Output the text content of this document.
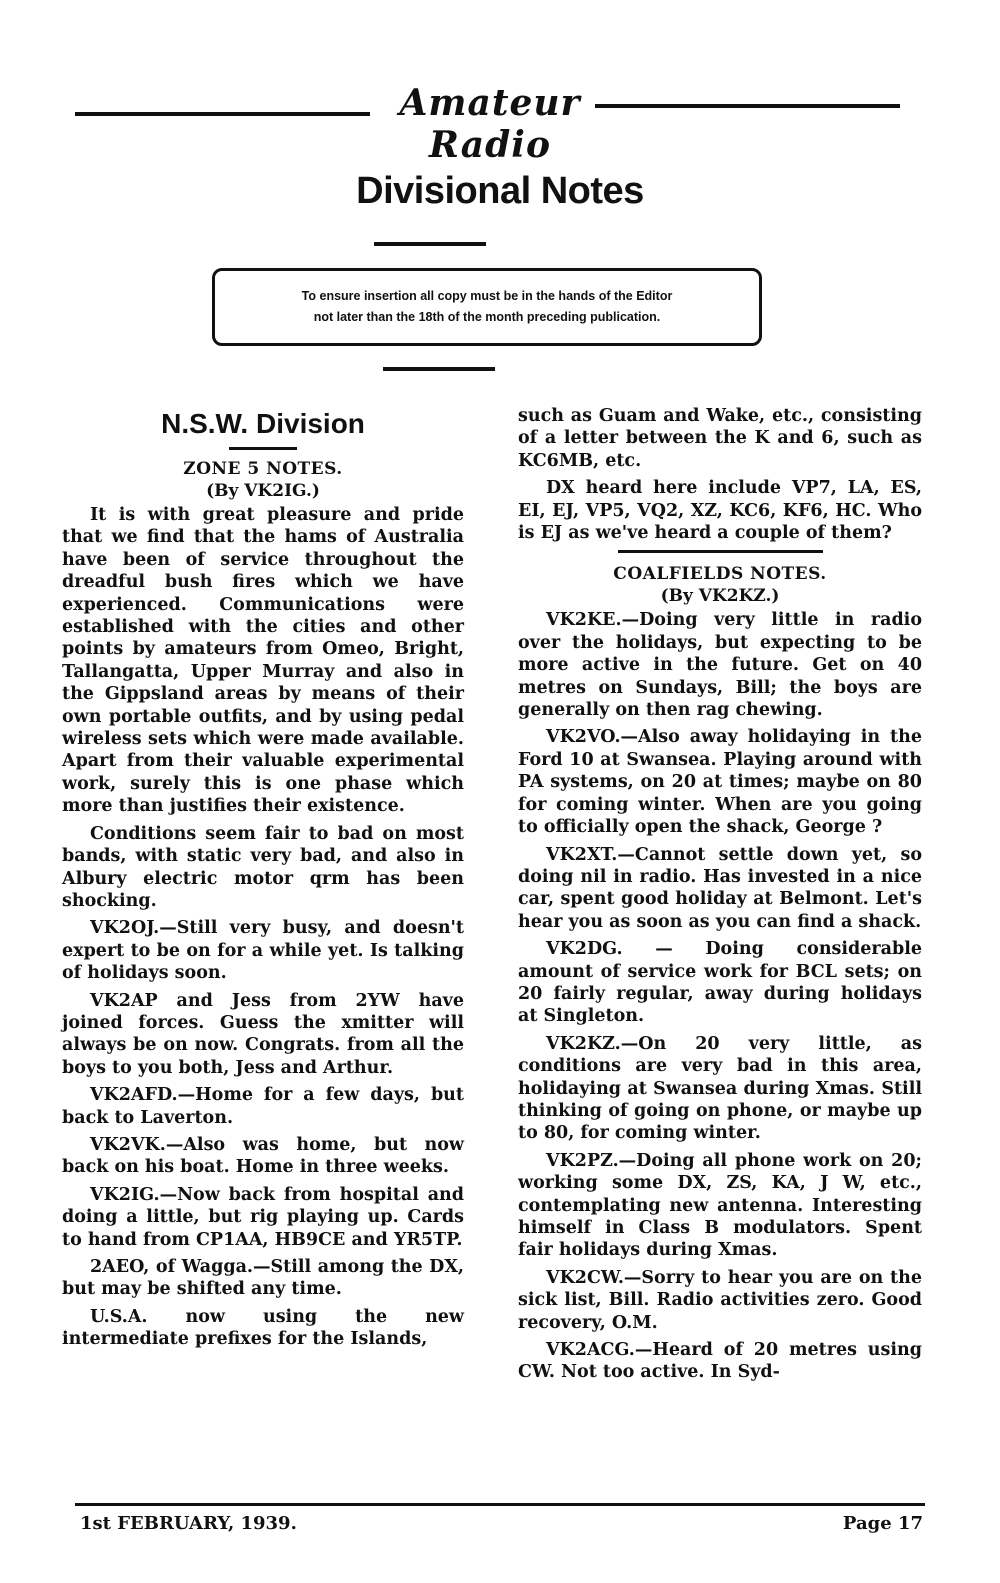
Amateur Radio
Divisional Notes
To ensure insertion all copy must be in the hands of the Editor
not later than the 18th of the month preceding publication.
N.S.W. Division
ZONE 5 NOTES.
(By VK2IG.)

It is with great pleasure and pride that we find that the hams of Australia have been of service throughout the dreadful bush fires which we have experienced. Communications were established with the cities and other points by amateurs from Omeo, Bright, Tallangatta, Upper Murray and also in the Gippsland areas by means of their own portable outfits, and by using pedal wireless sets which were made available. Apart from their valuable experimental work, surely this is one phase which more than justifies their existence.

Conditions seem fair to bad on most bands, with static very bad, and also in Albury electric motor qrm has been shocking.

VK2OJ.—Still very busy, and doesn't expert to be on for a while yet. Is talking of holidays soon.

VK2AP and Jess from 2YW have joined forces. Guess the xmitter will always be on now. Congrats. from all the boys to you both, Jess and Arthur.

VK2AFD.—Home for a few days, but back to Laverton.

VK2VK.—Also was home, but now back on his boat. Home in three weeks.

VK2IG.—Now back from hospital and doing a little, but rig playing up. Cards to hand from CP1AA, HB9CE and YR5TP.

2AEO, of Wagga.—Still among the DX, but may be shifted any time.

U.S.A. now using the new intermediate prefixes for the Islands,

such as Guam and Wake, etc., consisting of a letter between the K and 6, such as KC6MB, etc.

DX heard here include VP7, LA, ES, EI, EJ, VP5, VQ2, XZ, KC6, KF6, HC. Who is EJ as we've heard a couple of them?

COALFIELDS NOTES.
(By VK2KZ.)

VK2KE.—Doing very little in radio over the holidays, but expecting to be more active in the future. Get on 40 metres on Sundays, Bill; the boys are generally on then rag chewing.

VK2VO.—Also away holidaying in the Ford 10 at Swansea. Playing around with PA systems, on 20 at times; maybe on 80 for coming winter. When are you going to officially open the shack, George ?

VK2XT.—Cannot settle down yet, so doing nil in radio. Has invested in a nice car, spent good holiday at Belmont. Let's hear you as soon as you can find a shack.

VK2DG. — Doing considerable amount of service work for BCL sets; on 20 fairly regular, away during holidays at Singleton.

VK2KZ.—On 20 very little, as conditions are very bad in this area, holidaying at Swansea during Xmas. Still thinking of going on phone, or maybe up to 80, for coming winter.

VK2PZ.—Doing all phone work on 20; working some DX, ZS, KA, J W, etc., contemplating new antenna. Interesting himself in Class B modulators. Spent fair holidays during Xmas.

VK2CW.—Sorry to hear you are on the sick list, Bill. Radio activities zero. Good recovery, O.M.

VK2ACG.—Heard of 20 metres using CW. Not too active. In Syd-

1st FEBRUARY, 1939.	Page 17
